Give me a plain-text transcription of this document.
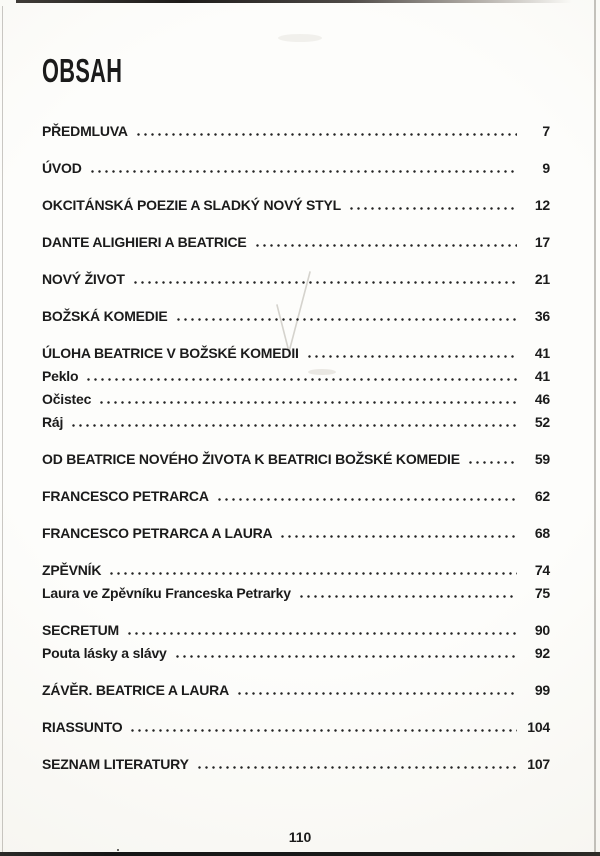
OBSAH
PŘEDMLUVA	7
ÚVOD	9
OKCITÁNSKÁ POEZIE A SLADKÝ NOVÝ STYL	12
DANTE ALIGHIERI A BEATRICE	17
NOVÝ ŽIVOT	21
BOŽSKÁ KOMEDIE	36
ÚLOHA BEATRICE V BOŽSKÉ KOMEDII	41
Peklo	41
Očistec	46
Ráj	52
OD BEATRICE NOVÉHO ŽIVOTA K BEATRICI BOŽSKÉ KOMEDIE	59
FRANCESCO PETRARCA	62
FRANCESCO PETRARCA A LAURA	68
ZPĚVNÍK	74
Laura ve Zpěvníku Franceska Petrarky	75
SECRETUM	90
Pouta lásky a slávy	92
ZÁVĚR. BEATRICE A LAURA	99
RIASSUNTO	104
SEZNAM LITERATURY	107
110
